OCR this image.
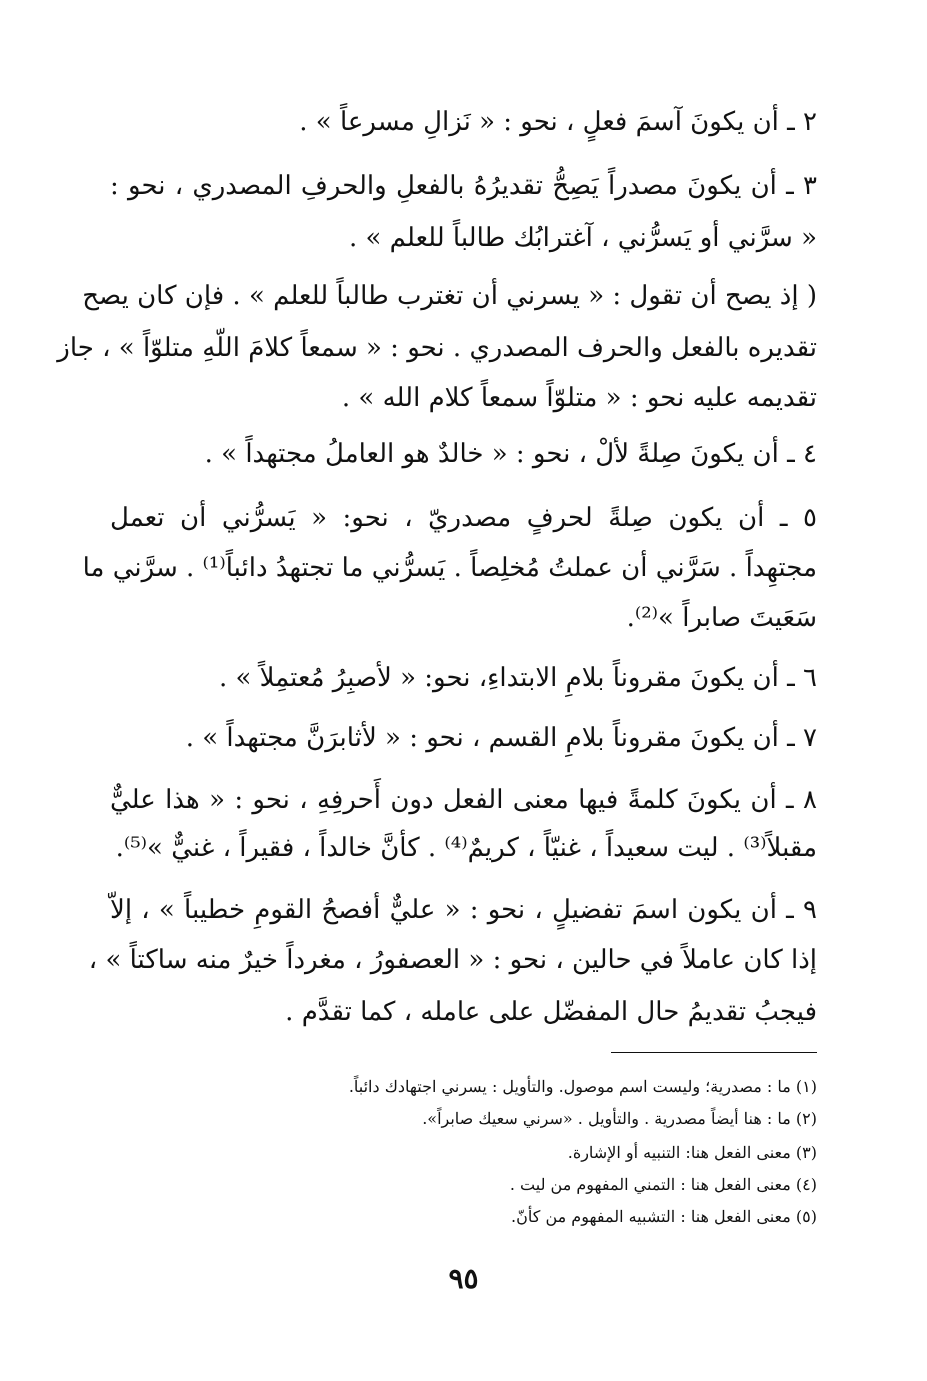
٢ ـ أن يكونَ آسمَ فعلٍ ، نحو : « نَزالِ مسرعاً » .
٣ ـ أن يكونَ مصدراً يَصِحُّ تقديرُهُ بالفعلِ والحرفِ المصدري ، نحو :
« سرَّني أو يَسرُّني ، آغترابُك طالباً للعلم » .
( إذ يصح أن تقول : « يسرني أن تغترب طالباً للعلم » . فإن كان يصح
تقديره بالفعل والحرف المصدري . نحو : « سمعاً كلامَ اللّهِ متلوّاً » ، جاز
تقديمه عليه نحو : « متلوّاً سمعاً كلام الله » .
٤ ـ أن يكونَ صِلةً لألْ ، نحو : « خالدٌ هو العاملُ مجتهداً » .
٥ ـ أن يكون صِلةً لحرفٍ مصدريّ ، نحو: « يَسرُّني أن تعمل
مجتهِداً . سَرَّني أن عملتُ مُخلِصاً . يَسرُّني ما تجتهدُ دائباً⁽¹⁾ . سرَّني ما
سَعَيتَ صابراً »⁽²⁾.
٦ ـ أن يكونَ مقروناً بلامِ الابتداءِ، نحو: « لأصبِرُ مُعتمِلاً » .
٧ ـ أن يكونَ مقروناً بلامِ القسم ، نحو : « لأثابرَنَّ مجتهداً » .
٨ ـ أن يكونَ كلمةً فيها معنى الفعل دون أَحرفِهِ ، نحو : « هذا عليٌّ
مقبلاً⁽³⁾ . ليت سعيداً ، غنيّاً ، كريمٌ⁽⁴⁾ . كأنَّ خالداً ، فقيراً ، غنيٌّ »⁽⁵⁾.
٩ ـ أن يكون اسمَ تفضيلٍ ، نحو : « عليٌّ أفصحُ القومِ خطيباً » ، إلاّ
إذا كان عاملاً في حالين ، نحو : « العصفورُ ، مغرداً خيرٌ منه ساكتاً » ،
فيجبُ تقديمُ حال المفضّل على عامله ، كما تقدَّم .
(١) ما : مصدرية؛ وليست اسم موصول. والتأويل : يسرني اجتهادك دائباً.
(٢) ما : هنا أيضاً مصدرية . والتأويل . «سرني سعيك صابراً».
(٣) معنى الفعل هنا: التنبيه أو الإشارة.
(٤) معنى الفعل هنا : التمني المفهوم من ليت .
(٥) معنى الفعل هنا : التشبيه المفهوم من كأنّ.
٩٥
